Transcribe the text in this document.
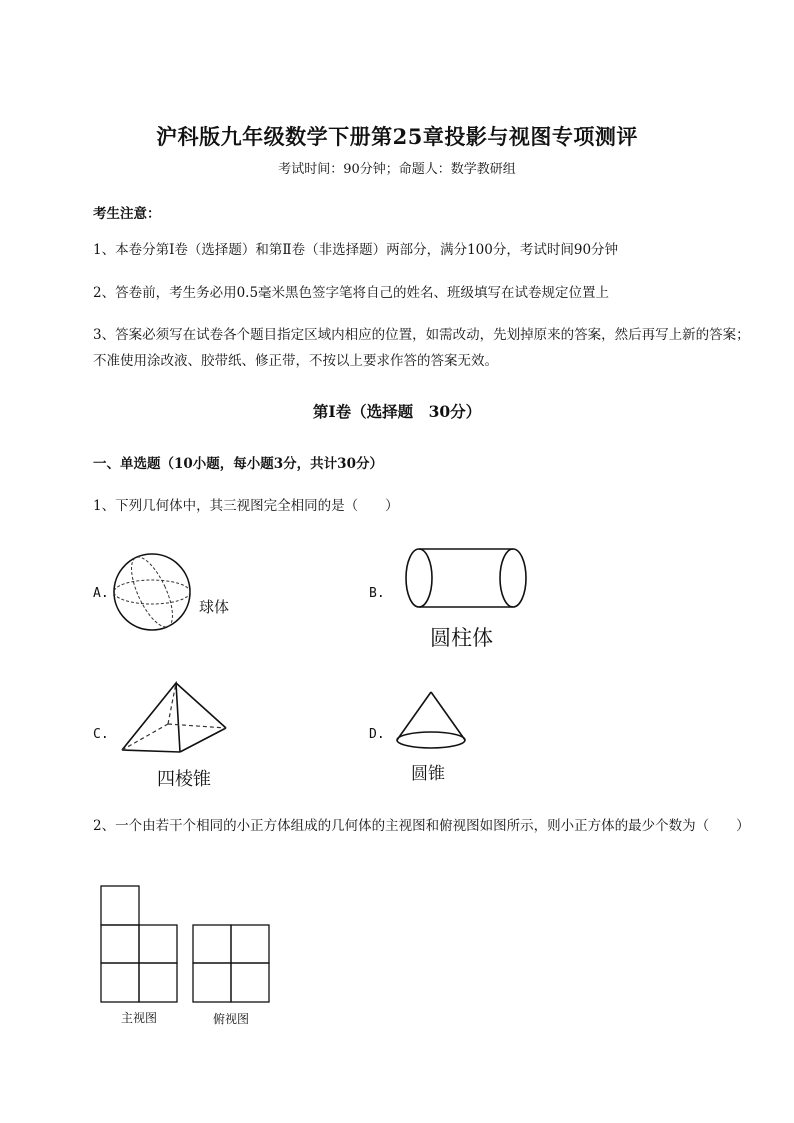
沪科版九年级数学下册第25章投影与视图专项测评
考试时间：90分钟；命题人：数学教研组
考生注意：
1、本卷分第I卷（选择题）和第Ⅱ卷（非选择题）两部分，满分100分，考试时间90分钟
2、答卷前，考生务必用0.5毫米黑色签字笔将自己的姓名、班级填写在试卷规定位置上
3、答案必须写在试卷各个题目指定区域内相应的位置，如需改动，先划掉原来的答案，然后再写上新的答案；不准使用涂改液、胶带纸、修正带，不按以上要求作答的答案无效。
第I卷（选择题　30分）
一、单选题（10小题，每小题3分，共计30分）
1、下列几何体中，其三视图完全相同的是（　　）
A.
球体
B.
圆柱体
C.
四棱锥
D.
圆锥
2、一个由若干个相同的小正方体组成的几何体的主视图和俯视图如图所示，则小正方体的最少个数为（　　）
主视图	俯视图
